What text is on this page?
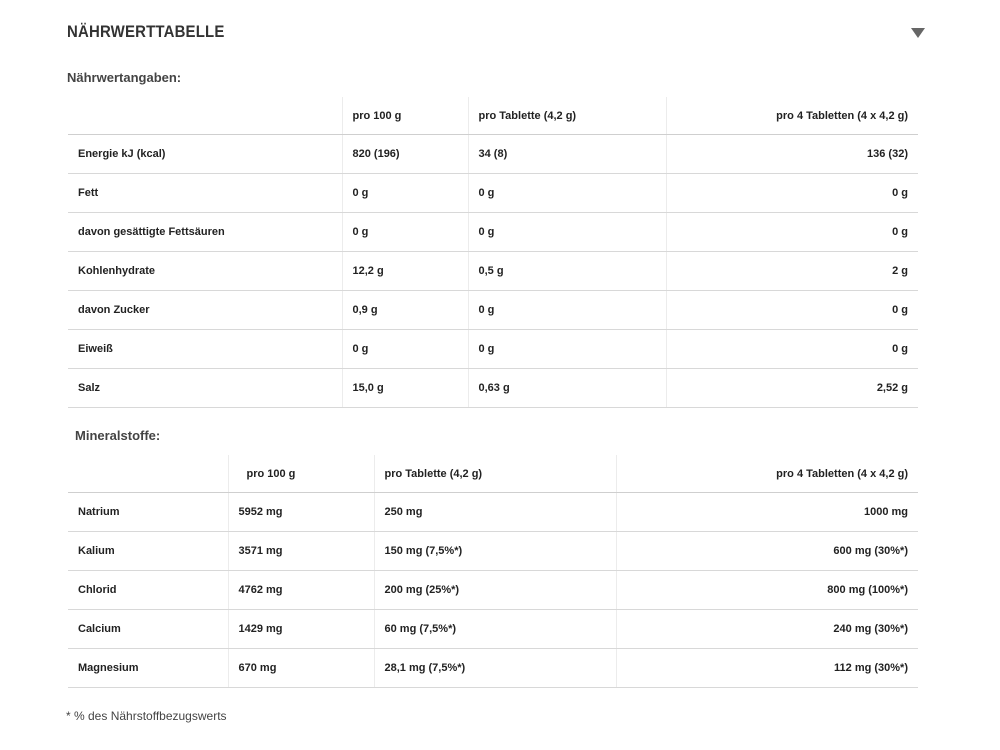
NÄHRWERTTABELLE
Nährwertangaben:
	pro 100 g	pro Tablette (4,2 g)	pro 4 Tabletten (4 x 4,2 g)
Energie kJ (kcal)	820 (196)	34 (8)	136 (32)
Fett	0 g	0 g	0 g
davon gesättigte Fettsäuren	0 g	0 g	0 g
Kohlenhydrate	12,2 g	0,5 g	2 g
davon Zucker	0,9 g	0 g	0 g
Eiweiß	0 g	0 g	0 g
Salz	15,0 g	0,63 g	2,52 g
Mineralstoffe:
	pro 100 g	pro Tablette (4,2 g)	pro 4 Tabletten (4 x 4,2 g)
Natrium	5952 mg	250 mg	1000 mg
Kalium	3571 mg	150 mg (7,5%*)	600 mg (30%*)
Chlorid	4762 mg	200 mg (25%*)	800 mg (100%*)
Calcium	1429 mg	60 mg (7,5%*)	240 mg (30%*)
Magnesium	670 mg	28,1 mg (7,5%*)	112 mg (30%*)
* % des Nährstoffbezugswerts
